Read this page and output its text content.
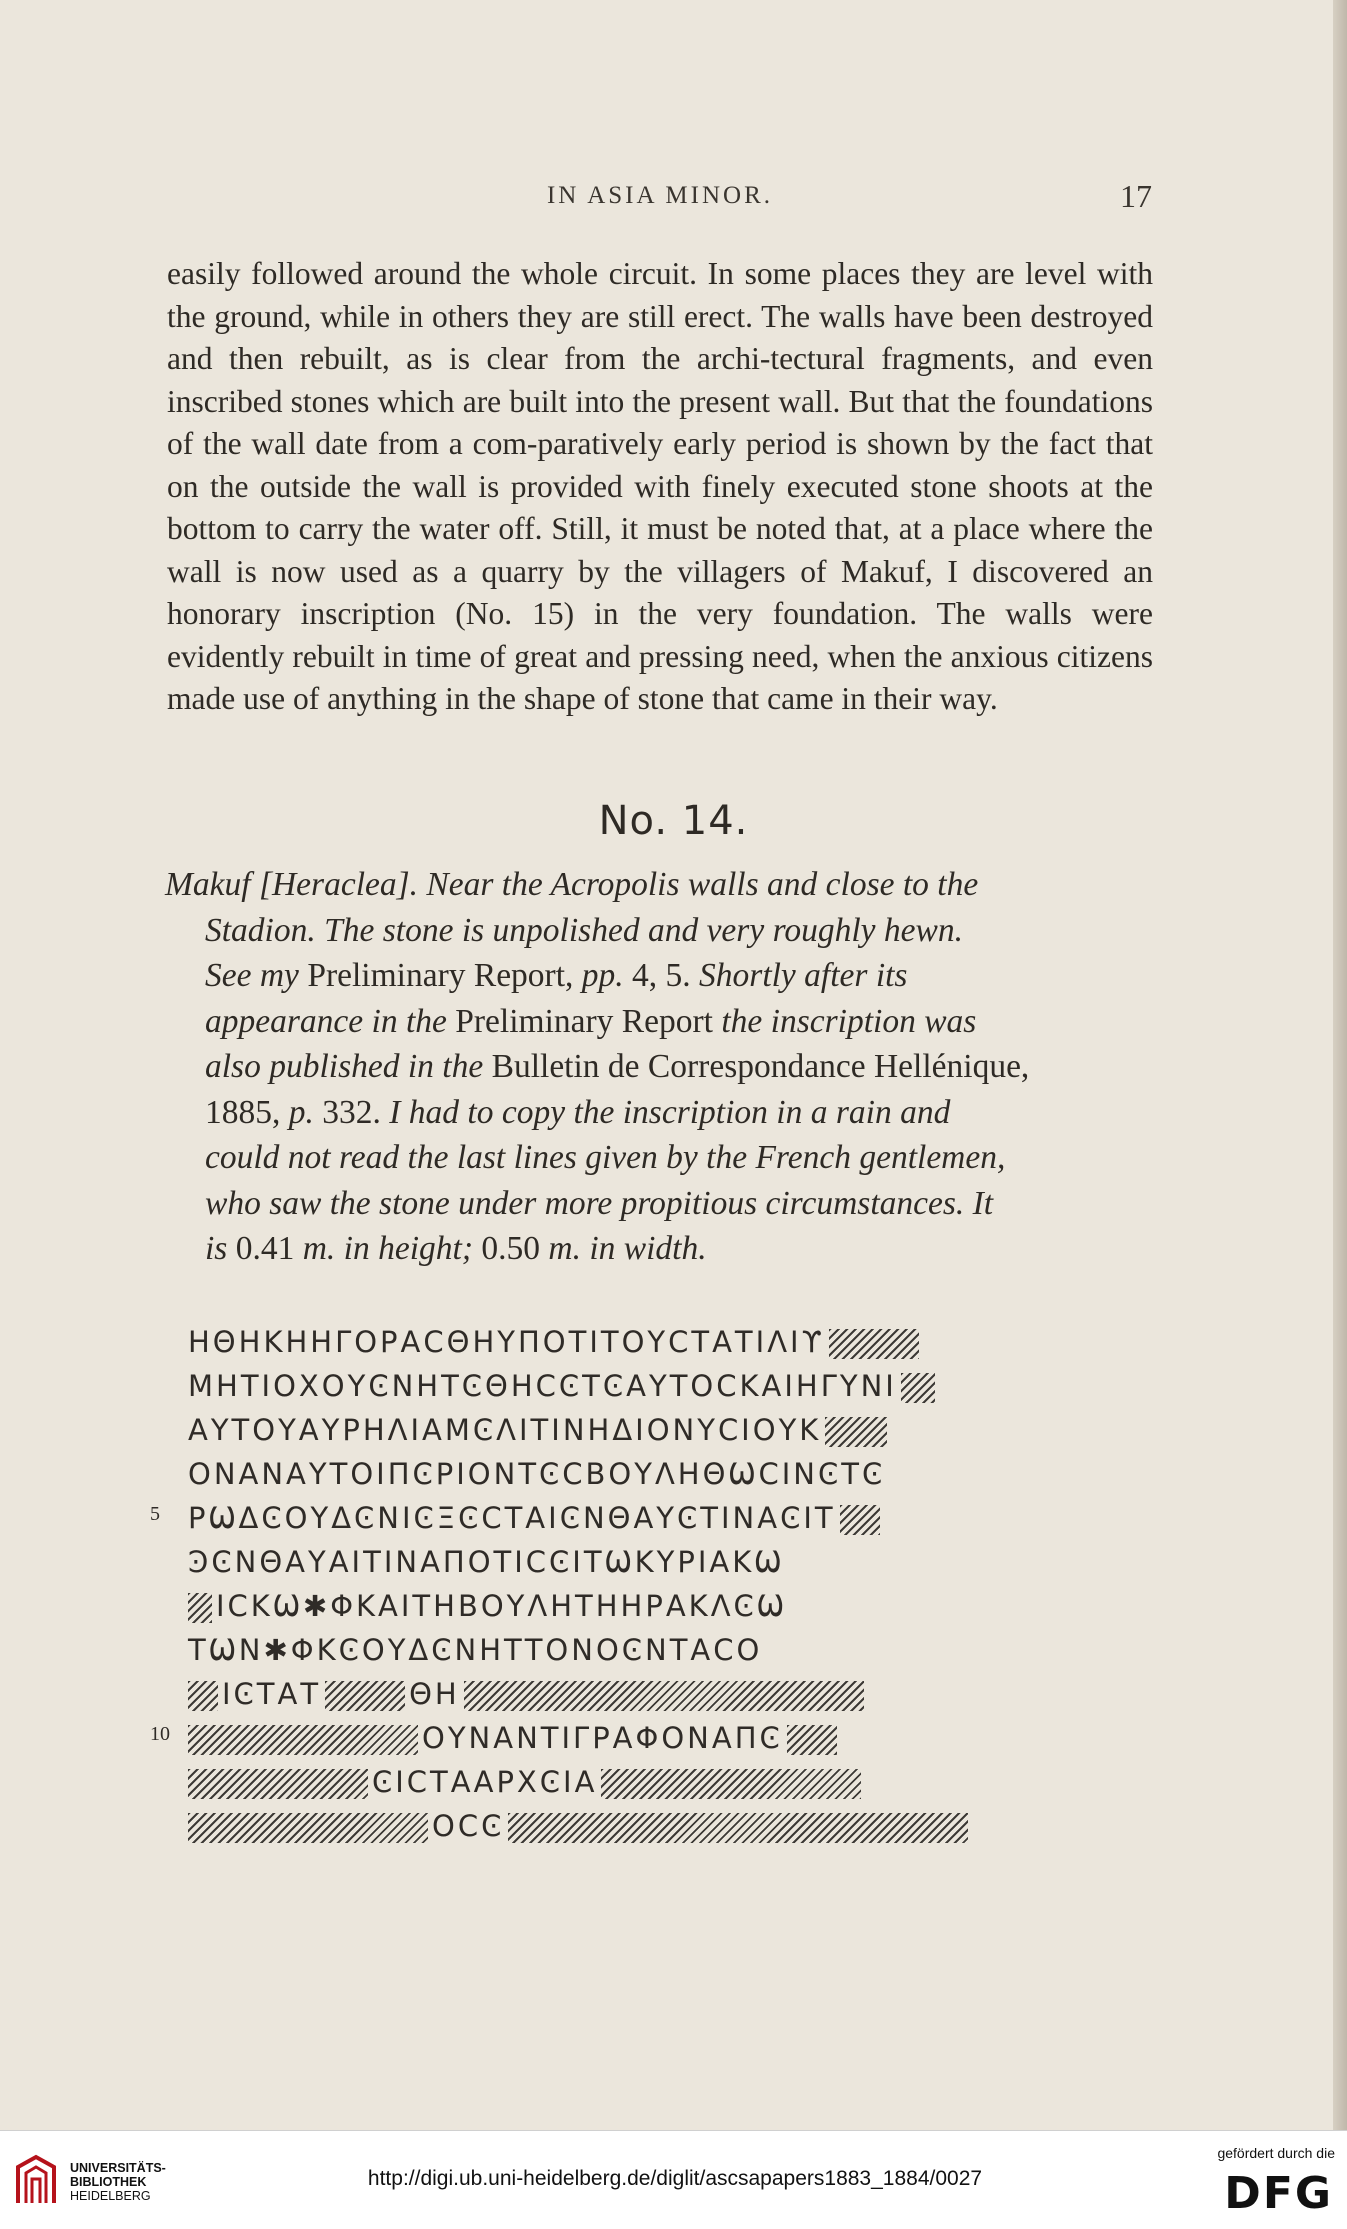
IN ASIA MINOR.	17

easily followed around the whole circuit. In some places they are level with the ground, while in others they are still erect. The walls have been destroyed and then rebuilt, as is clear from the archi-tectural fragments, and even inscribed stones which are built into the present wall. But that the foundations of the wall date from a com-paratively early period is shown by the fact that on the outside the wall is provided with finely executed stone shoots at the bottom to carry the water off. Still, it must be noted that, at a place where the wall is now used as a quarry by the villagers of Makuf, I discovered an honorary inscription (No. 15) in the very foundation. The walls were evidently rebuilt in time of great and pressing need, when the anxious citizens made use of anything in the shape of stone that came in their way.

No. 14.
Makuf [Heraclea]. Near the Acropolis walls and close to the
Stadion. The stone is unpolished and very roughly hewn.
See my Preliminary Report, pp. 4, 5. Shortly after its
appearance in the Preliminary Report the inscription was
also published in the Bulletin de Correspondance Hellénique,
1885, p. 332. I had to copy the inscription in a rain and
could not read the last lines given by the French gentlemen,
who saw the stone under more propitious circumstances. It
is 0.41 m. in height; 0.50 m. in width.
ΗΘΗΚΗΗΓΟΡΑϹΘΗΥΠΟΤΙΤΟΥϹΤΑΤΙΛΙϒ
ΜΗΤΙΟΧΟΥϾΝΗΤϾΘΗϹϾΤϾΑΥΤΟϹΚΑΙΗΓΥΝΙ
ΑΥΤΟΥΑΥΡΗΛΙΑΜϾΛΙΤΙΝΗΔΙΟΝΥϹΙΟΥΚ
ΟΝΑΝΑΥΤΟΙΠϾΡΙΟΝΤϾϹΒΟΥΛΗΘѠϹΙΝϾΤϾ
5 ΡѠΔϾΟΥΔϾΝΙϾΞϾϹΤΑΙϾΝΘΑΥϾΤΙΝΑϾΙΤ
ϿϾΝΘΑΥΑΙΤΙΝΑΠΟΤΙϹϾΙΤѠΚΥΡΙΑΚѠ
ΙϹΚѠ✱ΦΚΑΙΤΗΒΟΥΛΗΤΗΗΡΑΚΛϾѠ
ΤѠΝ✱ΦΚϾΟΥΔϾΝΗΤΤΟΝΟϾΝΤΑϹΟ
ΙϾΤΑΤ	ΘΗ
10	ΟΥΝΑΝΤΙΓΡΑΦΟΝΑΠϾ
ϾΙϹΤΑΑΡΧϾΙΑ
ΟϹϾ
UNIVERSITÄTS-
BIBLIOTHEK
HEIDELBERG
http://digi.ub.uni-heidelberg.de/diglit/ascsapapers1883_1884/0027
gefördert durch die
DFG
